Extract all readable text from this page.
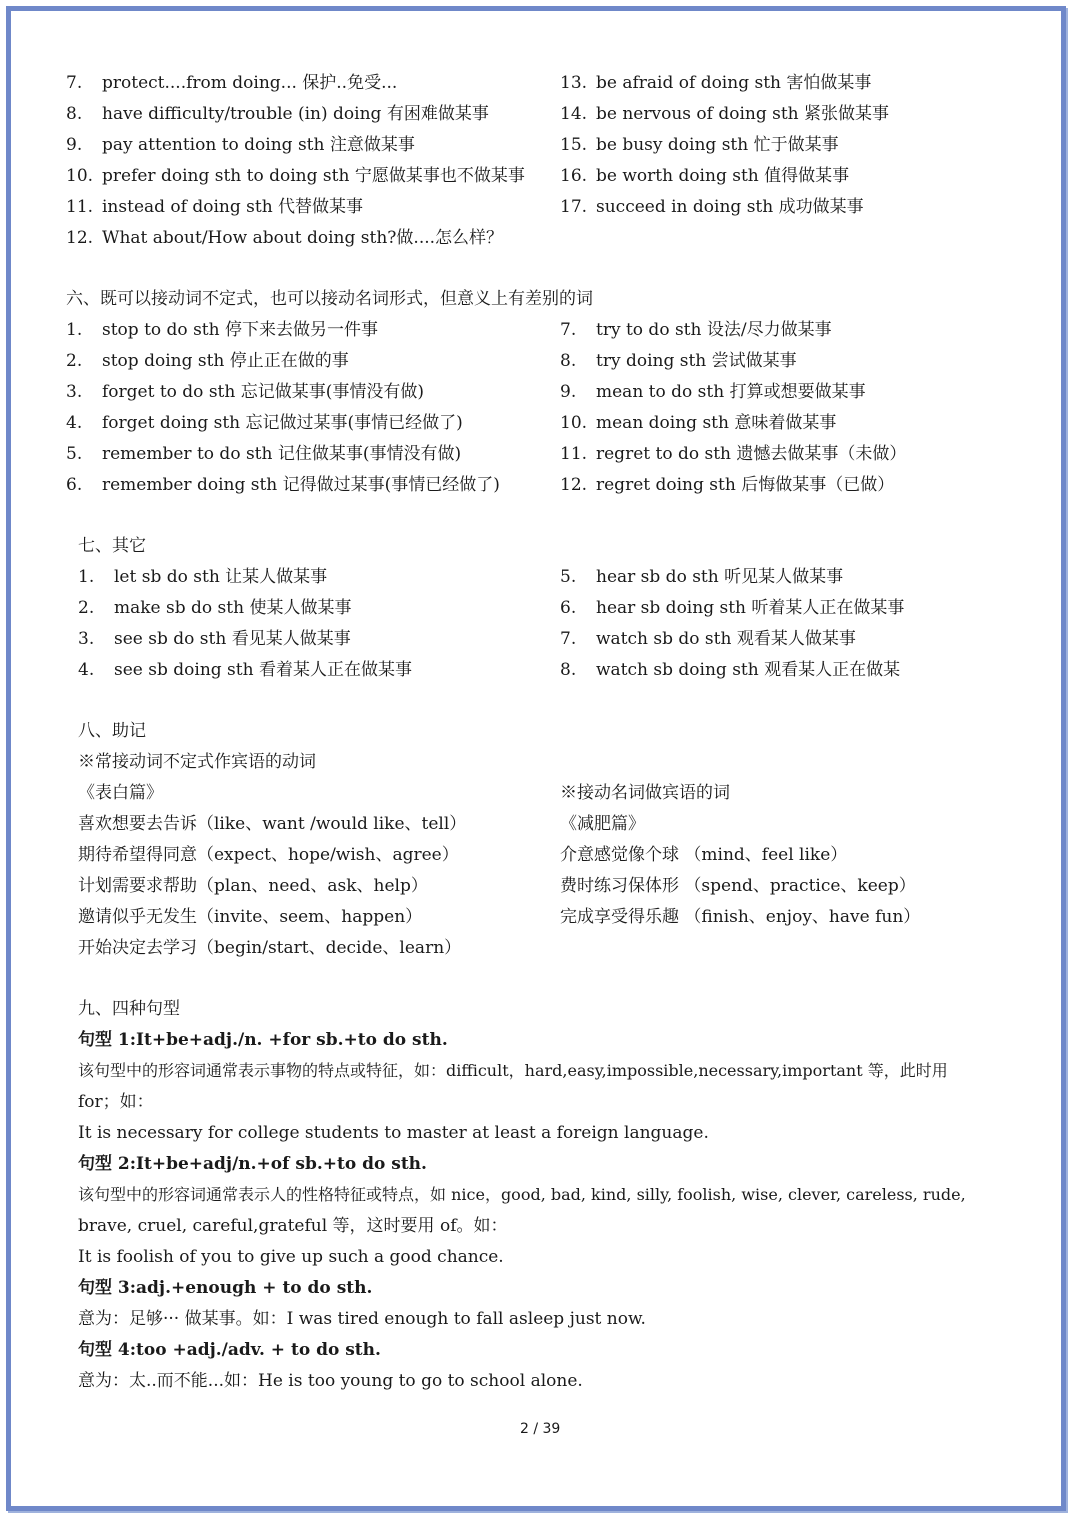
7. protect....from doing... 保护..免受...
8. have difficulty/trouble (in) doing 有困难做某事
9. pay attention to doing sth 注意做某事
10. prefer doing sth to doing sth 宁愿做某事也不做某事
11. instead of doing sth 代替做某事
12. What about/How about doing sth?做....怎么样？
13. be afraid of doing sth 害怕做某事
14. be nervous of doing sth 紧张做某事
15. be busy doing sth 忙于做某事
16. be worth doing sth 值得做某事
17. succeed in doing sth 成功做某事
六、既可以接动词不定式，也可以接动名词形式，但意义上有差别的词
1. stop to do sth 停下来去做另一件事
2. stop doing sth 停止正在做的事
3. forget to do sth 忘记做某事(事情没有做)
4. forget doing sth 忘记做过某事(事情已经做了)
5. remember to do sth 记住做某事(事情没有做)
6. remember doing sth 记得做过某事(事情已经做了)
7. try to do sth 设法/尽力做某事
8. try doing sth 尝试做某事
9. mean to do sth 打算或想要做某事
10. mean doing sth 意味着做某事
11. regret to do sth 遗憾去做某事（未做）
12. regret doing sth 后悔做某事（已做）
七、其它
1. let sb do sth 让某人做某事
2. make sb do sth 使某人做某事
3. see sb do sth 看见某人做某事
4. see sb doing sth 看着某人正在做某事
5. hear sb do sth 听见某人做某事
6. hear sb doing sth 听着某人正在做某事
7. watch sb do sth 观看某人做某事
8. watch sb doing sth 观看某人正在做某
八、助记
※常接动词不定式作宾语的动词
《表白篇》
喜欢想要去告诉（like、want /would like、tell）
期待希望得同意（expect、hope/wish、agree）
计划需要求帮助（plan、need、ask、help）
邀请似乎无发生（invite、seem、happen）
开始决定去学习（begin/start、decide、learn）
※接动名词做宾语的词
《减肥篇》
介意感觉像个球 （mind、feel like）
费时练习保体形 （spend、practice、keep）
完成享受得乐趣 （finish、enjoy、have fun）
九、四种句型
句型 1:It+be+adj./n. +for sb.+to do sth.
该句型中的形容词通常表示事物的特点或特征，如：difficult，hard,easy,impossible,necessary,important 等，此时用
for；如：
It is necessary for college students to master at least a foreign language.
句型 2:It+be+adj/n.+of sb.+to do sth.
该句型中的形容词通常表示人的性格特征或特点，如 nice，good, bad, kind, silly, foolish, wise, clever, careless, rude,
brave, cruel, careful,grateful 等，这时要用 of。如：
It is foolish of you to give up such a good chance.
句型 3:adj.+enough + to do sth.
意为：足够··· 做某事。如：I was tired enough to fall asleep just now.
句型 4:too +adj./adv. + to do sth.
意为：太..而不能...如：He is too young to go to school alone.
2 / 39
